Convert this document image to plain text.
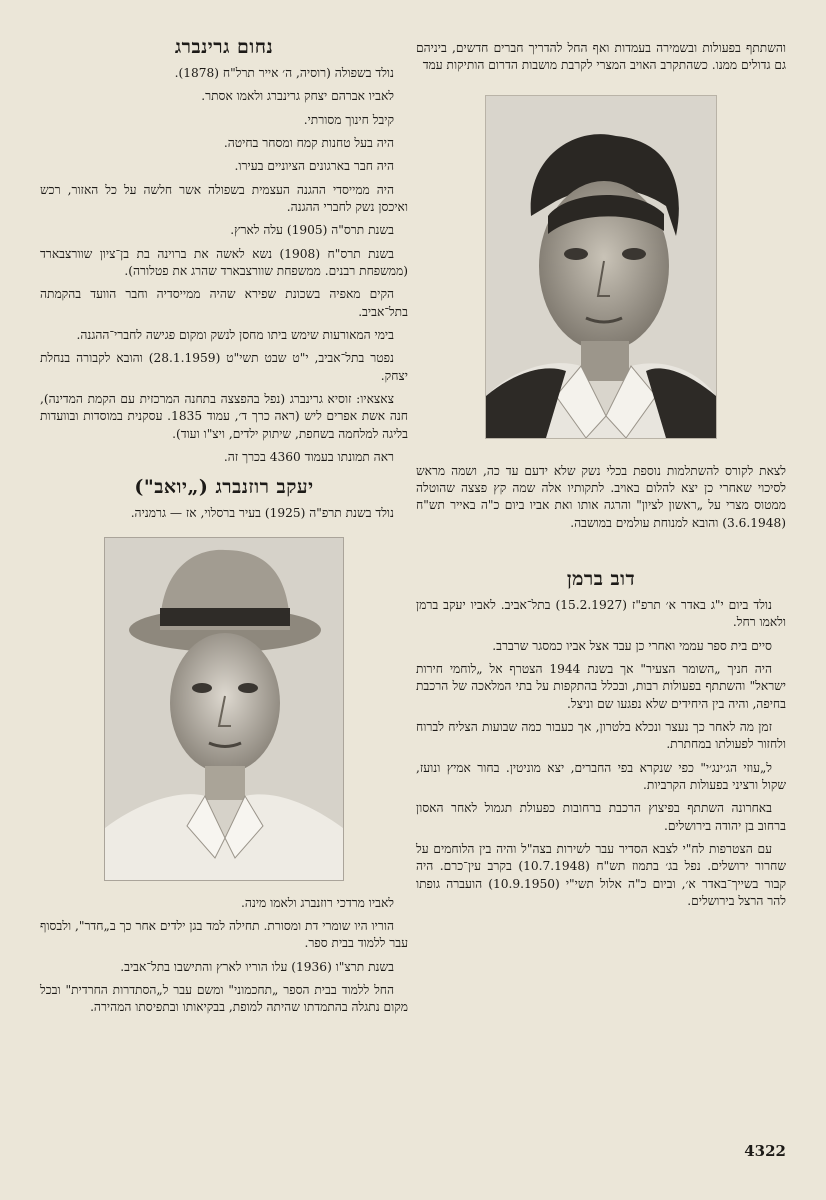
והשתתף בפעולות ובשמירה בעמדות ואף החל להדריך חברים חדשים, ביניהם גם גדולים ממנו. כשהתקרב האויב המצרי לקרבת מושבות הדרום הותיקות עמד

לצאת לקורס להשתלמות נוספת בכלי נשק שלא ידעם עד כה, ושמה מראש לסיכוי שאחרי כן יצא להלום באויב. לתקותיו אלה שמה קץ פצצה שהוטלה ממטוס מצרי על „ראשון לציון" והרגה אותו ואת אביו ביום כ"ה באייר תש"ח (3.6.1948) והובא למנוחת עולמים במושבה.

דוב ברמן

נולד ביום י"ג באדר א׳ תרפ"ז (15.2.1927) בתל־אביב. לאביו יעקב ברמן ולאמו רחל.

סיים בית ספר עממי ואחרי כן עבד אצל אביו כמסגר שרברב.

היה חניך „השומר הצעיר" אך בשנת 1944 הצטרף אל „לוחמי חירות ישראל" והשתתף בפעולות רבות, ובכלל בהתקפות על בתי המלאכה של הרכבת בחיפה, והיה בין היחידים שלא נפגעו שם וניצל.

זמן מה לאחר כך נעצר ונכלא בלטרון, אך כעבור כמה שבועות הצליח לברוח ולחזור לפעולתו במחתרת.

ל„עוזי הג׳ינג׳י" כפי שנקרא בפי החברים, יצא מוניטין. בחור אמיץ ונועז, שקול ורציני בפעולות הקרביות.

באחרונה השתתף בפיצוץ הרכבת ברחובות כפעולת תגמול לאחר האסון ברחוב בן יהודה בירושלים.

עם הצטרפות לח"י לצבא הסדיר עבר לשירות בצה"ל והיה בין הלוחמים על שחרור ירושלים. נפל בג׳ בתמוז תש"ח (10.7.1948) בקרב עין־כרם. היה קבור בשייך־באדר א׳, וביום כ"ה אלול תשי"י (10.9.1950) הועברה גופתו להר הרצל בירושלים.

נחום גרינברג

נולד בשפולה (רוסיה, ה׳ אייר תרל"ח (1878).

לאביו אברהם יצחק גרינברג ולאמו אסתר.

קיבל חינוך מסורתי.

היה בעל טחנות קמח ומסחר בחיטה.

היה חבר בארגונים הציוניים בעירו.

היה ממייסדי ההגנה העצמית בשפולה אשר חלשה על כל האזור, רכש ואיכסן נשק לחברי ההגנה.

בשנת תרס"ה (1905) עלה לארץ.

בשנת תרס"ח (1908) נשא לאשה את ברוינה בת בן־ציון שוורצבארד (ממשפחת רבנים. ממשפחת שוורצבארד שהרג את פטלורה).

הקים מאפיה בשכונת שפירא שהיה ממייסדיה וחבר הוועד בהקמתה בתל־אביב.

בימי המאורעות שימש ביתו מחסן לנשק ומקום פגישה לחברי־ההגנה.

נפטר בתל־אביב, י"ט שבט תשי"ט (28.1.1959) והובא לקבורה בנחלת יצחק.

צאצאיו: זוסיא גרינברג (נפל בהפצצה בתחנה המרכזית עם הקמת המדינה), חנה אשת אפרים ליש (ראה כרך ד׳, עמוד 1835. עסקנית במוסדות ובוועדות בליגה למלחמה בשחפת, שיתוק ילדים, ויצ"ו ועוד).

ראה תמונתו בעמוד 4360 בכרך זה.

יעקב רוזנברג („יואב")

נולד בשנת תרפ"ה (1925) בעיר ברסלוי, אז — גרמניה.

לאביו מרדכי רוזנברג ולאמו מינה.

הוריו היו שומרי דת ומסורת. תחילה למד בגן ילדים אחר כך ב„חדר", ולבסוף עבר ללמוד בבית ספר.

בשנת תרצ"ו (1936) עלו הוריו לארץ והתישבו בתל־אביב.

החל ללמוד בבית הספר „תחכמוני" ומשם עבר ל„הסתדרות החרדית" ובכל מקום נתגלה בהתמדתו שהיתה למופת, בבקיאותו ובתפיסתו המהירה.

4322
